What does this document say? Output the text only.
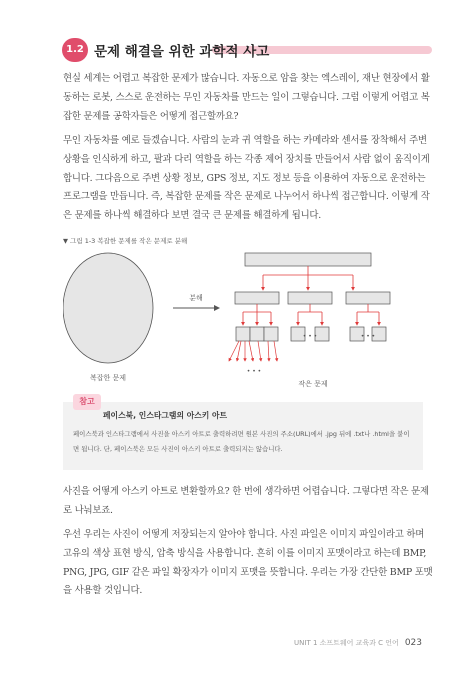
1.2 문제 해결을 위한 과학적 사고
현실 세계는 어렵고 복잡한 문제가 많습니다. 자동으로 암을 찾는 엑스레이, 재난 현장에서 활
동하는 로봇, 스스로 운전하는 무인 자동차를 만드는 일이 그렇습니다. 그럼 이렇게 어렵고 복
잡한 문제를 공학자들은 어떻게 접근할까요?
무인 자동차를 예로 들겠습니다. 사람의 눈과 귀 역할을 하는 카메라와 센서를 장착해서 주변
상황을 인식하게 하고, 팔과 다리 역할을 하는 각종 제어 장치를 만들어서 사람 없이 움직이게
합니다. 그다음으로 주변 상황 정보, GPS 정보, 지도 정보 등을 이용하여 자동으로 운전하는
프로그램을 만듭니다. 즉, 복잡한 문제를 작은 문제로 나누어서 하나씩 접근합니다. 이렇게 작
은 문제를 하나씩 해결하다 보면 결국 큰 문제를 해결하게 됩니다.
▼ 그림 1-3 복잡한 문제를 작은 문제로 분해
복잡한 문제
분해
• • •
• • •	• • •
작은 문제
참고
페이스북, 인스타그램의 아스키 아트
페이스북과 인스타그램에서 사진을 아스키 아트로 출력하려면 원본 사진의 주소(URL)에서 .jpg 뒤에 .txt나 .html을 붙이
면 됩니다. 단, 페이스북은 모든 사진이 아스키 아트로 출력되지는 않습니다.
사진을 어떻게 아스키 아트로 변환할까요? 한 번에 생각하면 어렵습니다. 그렇다면 작은 문제
로 나눠보죠.
우선 우리는 사진이 어떻게 저장되는지 알아야 합니다. 사진 파일은 이미지 파일이라고 하며
고유의 색상 표현 방식, 압축 방식을 사용합니다. 흔히 이를 이미지 포맷이라고 하는데 BMP,
PNG, JPG, GIF 같은 파일 확장자가 이미지 포맷을 뜻합니다. 우리는 가장 간단한 BMP 포맷
을 사용할 것입니다.
UNIT 1 소프트웨어 교육과 C 언어 023
